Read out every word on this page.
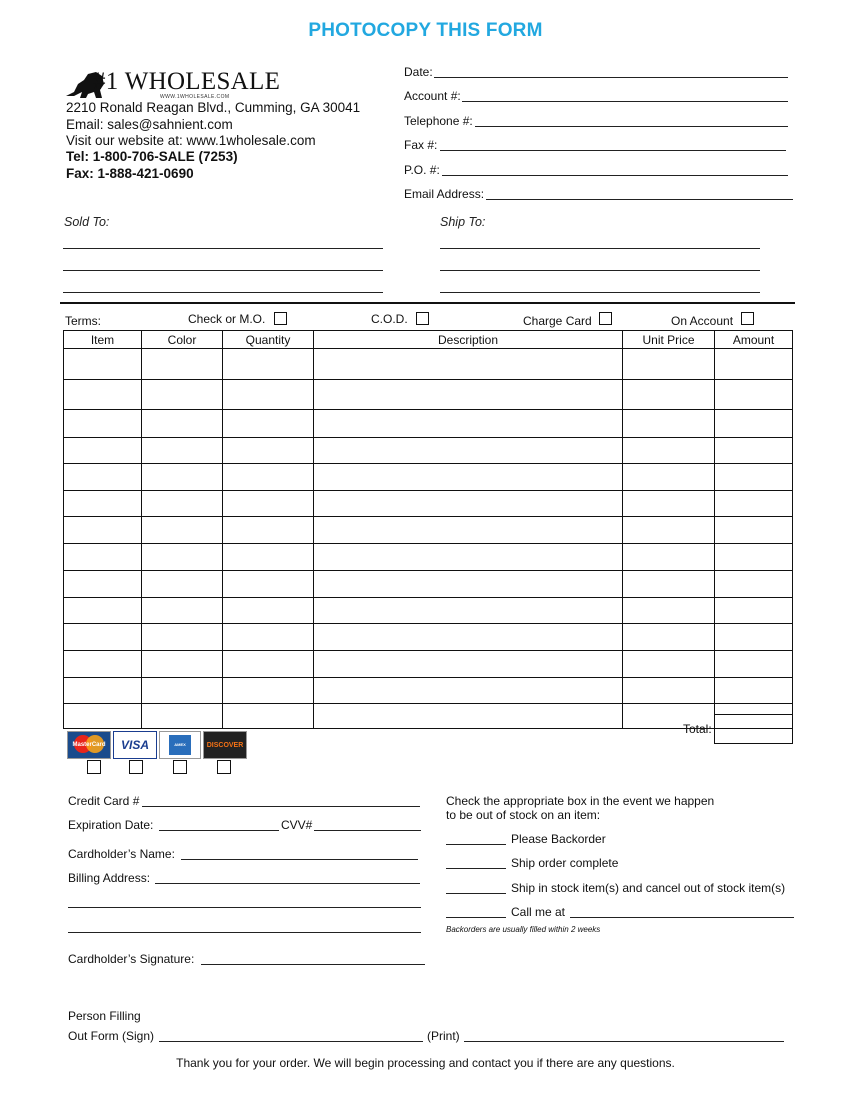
PHOTOCOPY THIS FORM
#1 WHOLESALE
WWW.1WHOLESALE.COM
2210 Ronald Reagan Blvd., Cumming, GA 30041
Email: sales@sahnient.com
Visit our website at: www.1wholesale.com
Tel: 1-800-706-SALE (7253)
Fax: 1-888-421-0690
Date:
Account #:
Telephone #:
Fax #:
P.O. #:
Email Address:
Sold To:	Ship To:
Terms:	Check or M.O.	C.O.D.	Charge Card	On Account
Item	Color	Quantity	Description	Unit Price	Amount

Total:
MasterCard VISA	AMEX	DISCOVER
Credit Card #
Expiration Date:	CVV#
Cardholder’s Name:
Billing Address:
Cardholder’s Signature:
Check the appropriate box in the event we happen
to be out of stock on an item:
Please Backorder
Ship order complete
Ship in stock item(s) and cancel out of stock item(s)
Call me at
Backorders are usually filled within 2 weeks
Person Filling
Out Form (Sign)	(Print)
Thank you for your order. We will begin processing and contact you if there are any questions.
